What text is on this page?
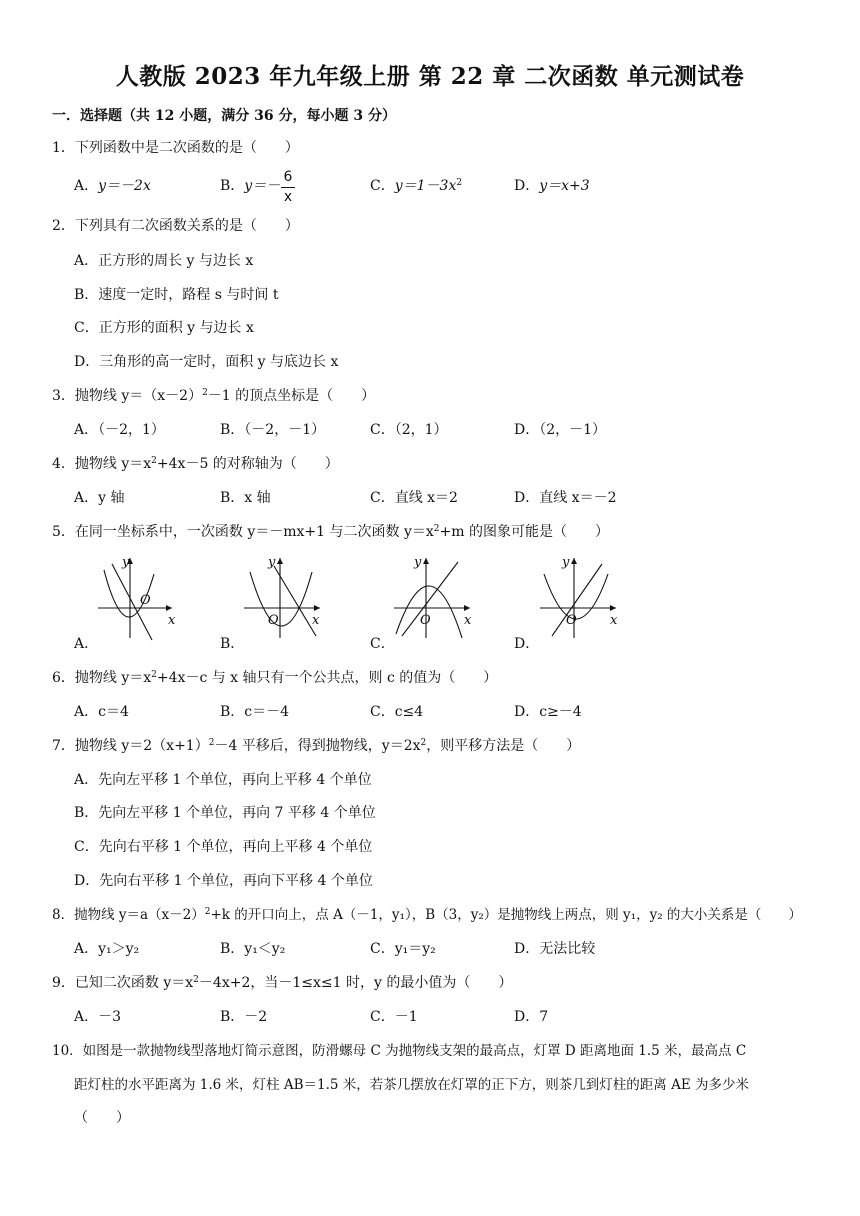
人教版 2023 年九年级上册 第 22 章 二次函数 单元测试卷
一．选择题（共 12 小题，满分 36 分，每小题 3 分）
1．下列函数中是二次函数的是（　　）
A．y＝－2x	B．y＝－
6
x
C．$y=1-3x^2$	D．y＝x+3
2．下列具有二次函数关系的是（　　）
A．正方形的周长 y 与边长 x
B．速度一定时，路程 s 与时间 t
C．正方形的面积 y 与边长 x
D．三角形的高一定时，面积 y 与底边长 x
3．抛物线 $y=(x-2)^2-1$ 的顶点坐标是（　　）
A．（－2，1）	B．（－2，－1）	C．（2，1）	D．（2，－1）
4．抛物线 $y=x^2+4x-5$ 的对称轴为（　　）
A．y 轴	B．x 轴	C．直线 x＝2	D．直线 x＝－2
5．在同一坐标系中，一次函数 y＝－mx+1 与二次函数 $y=x^2+m$ 的图象可能是（　　）
y
O
x
A．
y
O	x
B．
y
O	x
C．
y
O	x
D．
6．抛物线 $y=x^2+4x-c$ 与 x 轴只有一个公共点，则 c 的值为（　　）
A．c＝4	B．c＝－4	C．c≤4	D．c≥－4
7．抛物线 $y=2(x+1)^2-4$ 平移后，得到抛物线，$y=2x^2$，则平移方法是（　　）
A．先向左平移 1 个单位，再向上平移 4 个单位
B．先向左平移 1 个单位，再向 7 平移 4 个单位
C．先向右平移 1 个单位，再向上平移 4 个单位
D．先向右平移 1 个单位，再向下平移 4 个单位
8．抛物线 $y=a(x-2)^2+k$ 的开口向上，点 A（－1，y₁），B（3，y₂）是抛物线上两点，则 y₁，y₂ 的大小关系是（　　）
A．y₁＞y₂	B．y₁＜y₂	C．y₁＝y₂	D．无法比较
9．已知二次函数 $y=x^2-4x+2$，当－1≤x≤1 时，y 的最小值为（　　）
A．－3	B．－2	C．－1	D．7
10．如图是一款抛物线型落地灯简示意图，防滑螺母 C 为抛物线支架的最高点，灯罩 D 距离地面 1.5 米，最高点 C
距灯柱的水平距离为 1.6 米，灯柱 AB＝1.5 米，若茶几摆放在灯罩的正下方，则茶几到灯柱的距离 AE 为多少米
（　　）
